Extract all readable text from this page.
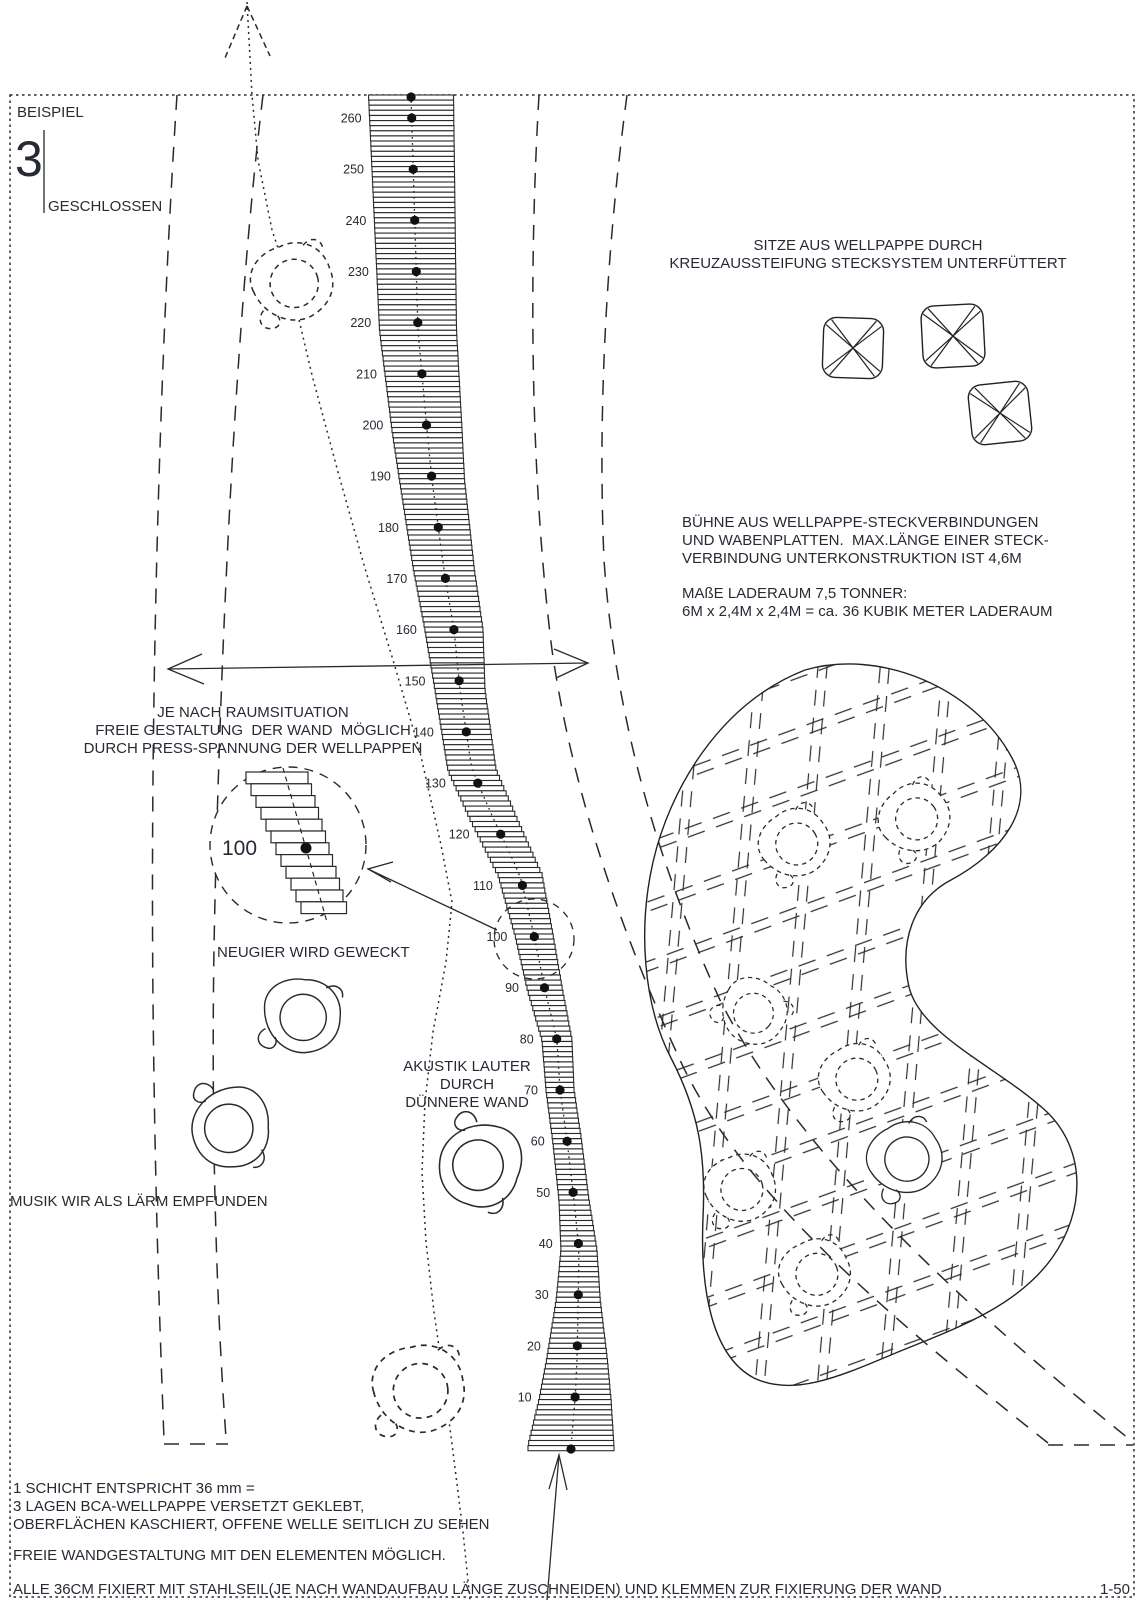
260
250
240
230
220
210
200
190
180
170
160
150
140
130
120
110
100
90
80
70
60
50
40
30
20
10
100
BEISPIEL
3
GESCHLOSSEN
SITZE AUS WELLPAPPE DURCH
KREUZAUSSTEIFUNG STECKSYSTEM UNTERFÜTTERT
BÜHNE AUS WELLPAPPE-STECKVERBINDUNGEN
UND WABENPLATTEN.  MAX.LÄNGE EINER STECK-
VERBINDUNG UNTERKONSTRUKTION IST 4,6M
MAßE LADERAUM 7,5 TONNER:
6M x 2,4M x 2,4M = ca. 36 KUBIK METER LADERAUM
JE NACH RAUMSITUATION
FREIE GESTALTUNG  DER WAND  MÖGLICH
DURCH PRESS-SPANNUNG DER WELLPAPPEN
NEUGIER WIRD GEWECKT
AKUSTIK LAUTER
DURCH
DÜNNERE WAND
MUSIK WIR ALS LÄRM EMPFUNDEN
1 SCHICHT ENTSPRICHT 36 mm =
3 LAGEN BCA-WELLPAPPE VERSETZT GEKLEBT,
OBERFLÄCHEN KASCHIERT, OFFENE WELLE SEITLICH ZU SEHEN
FREIE WANDGESTALTUNG MIT DEN ELEMENTEN MÖGLICH.
ALLE 36CM FIXIERT MIT STAHLSEIL(JE NACH WANDAUFBAU LÄNGE ZUSCHNEIDEN) UND KLEMMEN ZUR FIXIERUNG DER WAND	1-50
